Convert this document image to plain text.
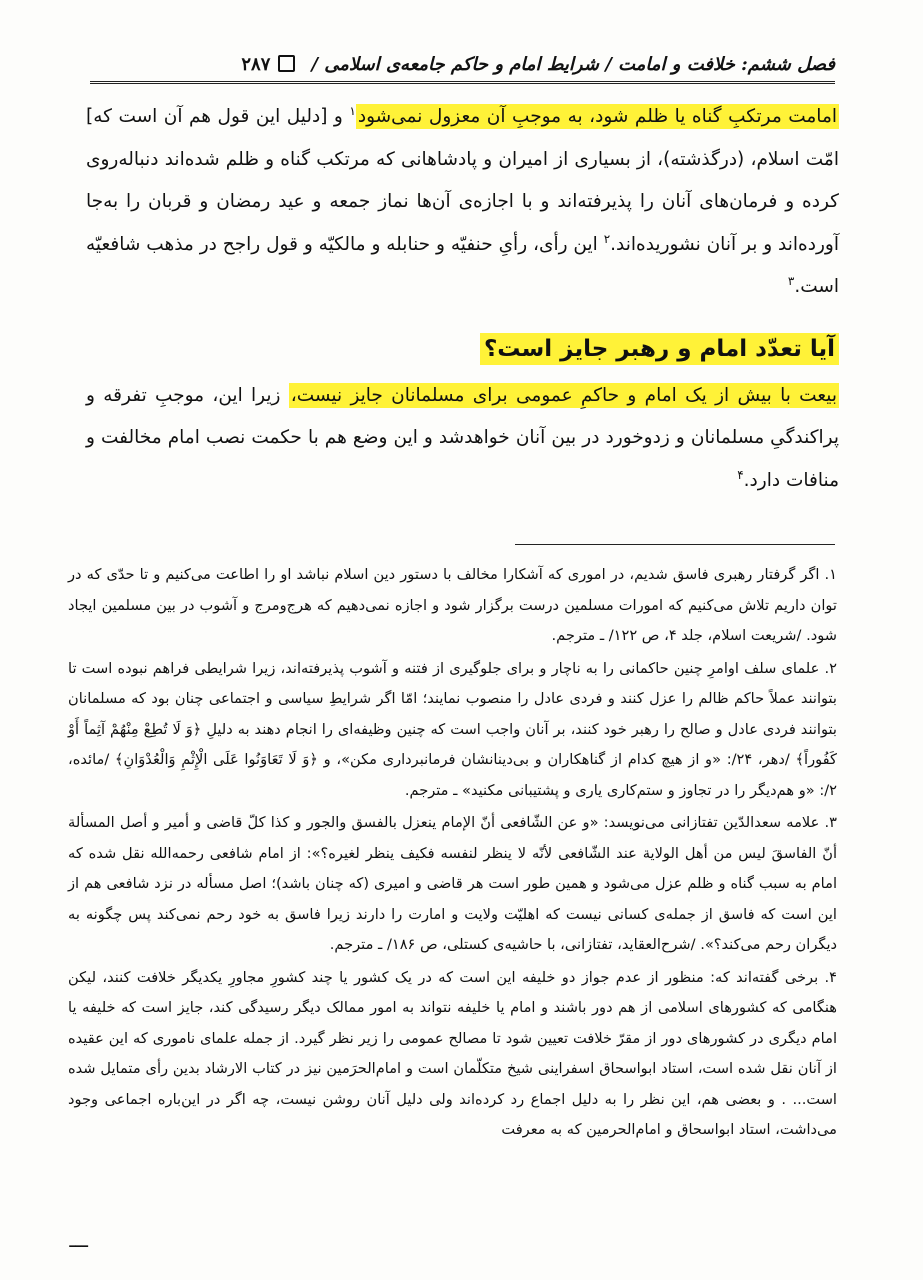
فصل ششم: خلافت و امامت / شرایط امام و حاکم جامعه‌ی اسلامی /
۲۸۷

امامت مرتکبِ گناه یا ظلم شود، به موجبِ آن معزول نمی‌شود$^۱$ و [دلیل این قول هم آن است که] امّت اسلام، (درگذشته)، از بسیاری از امیران و پادشاهانی که مرتکب گناه و ظلم شده‌اند دنباله‌روی کرده و فرمان‌های آنان را پذیرفته‌اند و با اجازه‌ی آن‌ها نماز جمعه و عید رمضان و قربان را به‌جا آورده‌اند و بر آنان نشوریده‌اند.$^۲$ این رأی، رأیِ حنفیّه و حنابله و مالکیّه و قول راجح در مذهب شافعیّه است.$^۳$

آیا تعدّد امام و رهبر جایز است؟

بیعت با بیش از یک امام و حاکمِ عمومی برای مسلمانان جایز نیست، زیرا این، موجبِ تفرقه و پراکندگیِ مسلمانان و زدوخورد در بین آنان خواهدشد و این وضع هم با حکمت نصب امام مخالفت و منافات دارد.$^۴$

۱. اگر گرفتار رهبری فاسق شدیم، در اموری که آشکارا مخالف با دستور دین اسلام نباشد او را اطاعت می‌کنیم و تا حدّی که در توان داریم تلاش می‌کنیم که امورات مسلمین درست برگزار شود و اجازه نمی‌دهیم که هرج‌ومرج و آشوب در بین مسلمین ایجاد شود. /شریعت اسلام، جلد ۴، ص ۱۲۲/ ـ مترجم.

۲. علمای سلف اوامرِ چنین حاکمانی را به ناچار و برای جلوگیری از فتنه و آشوب پذیرفته‌اند، زیرا شرایطی فراهم نبوده است تا بتوانند عملاً حاکم ظالم را عزل کنند و فردی عادل را منصوب نمایند؛ امّا اگر شرایطِ سیاسی و اجتماعی چنان بود که مسلمانان بتوانند فردی عادل و صالح را رهبر خود کنند، بر آنان واجب است که چنین وظیفه‌ای را انجام دهند به دلیلِ ﴿وَ لَا تُطِعْ مِنْهُمْ آثِماً أَوْ كَفُوراً﴾ /دهر، ۲۴/: «و از هیچ کدام از گناهکاران و بی‌دینانشان فرمانبرداری مکن»، و ﴿وَ لَا تَعَاوَنُوا عَلَى الْإِثْمِ وَالْعُدْوَانِ﴾ /مائده، ۲/: «و هم‌دیگر را در تجاوز و ستم‌کاری یاری و پشتیبانی مکنید» ـ مترجم.

۳. علامه سعدالدّین تفتازانی می‌نویسد: «و عن الشّافعی أنّ الإمام ینعزل بالفسق والجور و كذا كلّ قاضی و أمیر و أصل المسألة أنّ الفاسقَ لیس من أهل الولایة عند الشّافعی لأنّه لا ینظر لنفسه فكیف ینظر لغیره؟»: از امام شافعی رحمه‌الله نقل شده که امام به سبب گناه و ظلم عزل می‌شود و همین طور است هر قاضی و امیری (که چنان باشد)؛ اصل مسأله در نزد شافعی هم از این است که فاسق از جمله‌ی کسانی نیست که اهلیّت ولایت و امارت را دارند زیرا فاسق به خود رحم نمی‌کند پس چگونه به دیگران رحم می‌کند؟». /شرح‌العقاید، تفتازانی، با حاشیه‌ی کستلی، ص ۱۸۶/ ـ مترجم.

۴. برخی گفته‌اند که: منظور از عدم جواز دو خلیفه این است که در یک کشور یا چند کشورِ مجاورِ یکدیگر خلافت کنند، لیکن هنگامی که کشورهای اسلامی از هم دور باشند و امام یا خلیفه نتواند به امور ممالک دیگر رسیدگی کند، جایز است که خلیفه یا امام دیگری در کشورهای دور از مقرّ خلافت تعیین شود تا مصالح عمومی را زیر نظر گیرد. از جمله علمای ناموری که این عقیده از آنان نقل شده است، استاد ابواسحاق اسفراینی شیخ متکلّمان است و امام‌الحرَمین نیز در کتاب الارشاد بدین رأی متمایل شده است... . و بعضی هم، این نظر را به دلیل اجماع رد کرده‌اند ولی دلیل آنان روشن نیست، چه اگر در این‌باره اجماعی وجود می‌داشت، استاد ابواسحاق و امام‌الحرمین که به معرفت

ـــ
